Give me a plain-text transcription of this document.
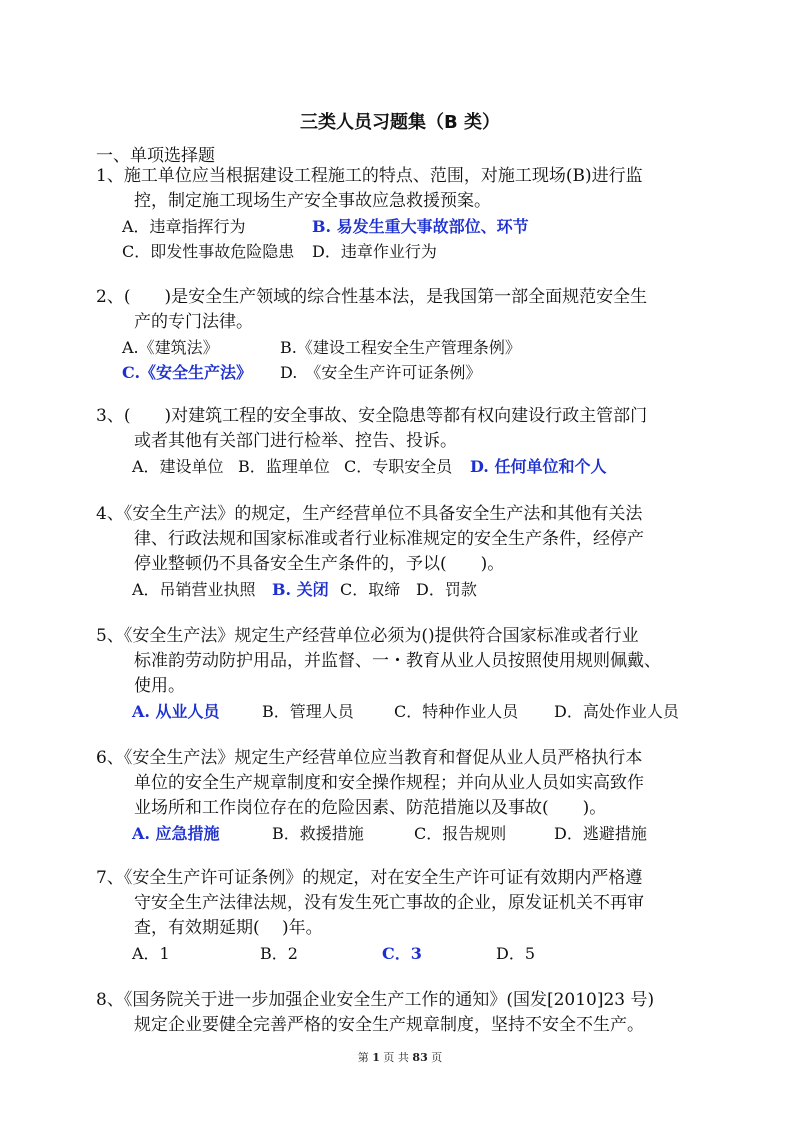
三类人员习题集（B 类）
一、单项选择题
1、施工单位应当根据建设工程施工的特点、范围，对施工现场(B)进行监
控，制定施工现场生产安全事故应急救援预案。
A．违章指挥行为	B. 易发生重大事故部位、环节
C．即发性事故危险隐患 D．违章作业行为
2、(　　)是安全生产领域的综合性基本法，是我国第一部全面规范安全生
产的专门法律。
A.《建筑法》	B.《建设工程安全生产管理条例》
C.《安全生产法》 D.　《安全生产许可证条例》
3、(　　)对建筑工程的安全事故、安全隐患等都有权向建设行政主管部门
或者其他有关部门进行检举、控告、投诉。
A．建设单位 B．监理单位 C．专职安全员 D. 任何单位和个人
4、《安全生产法》的规定，生产经营单位不具备安全生产法和其他有关法
律、行政法规和国家标准或者行业标准规定的安全生产条件，经停产
停业整顿仍不具备安全生产条件的，予以(　　)。
A．吊销营业执照 B. 关闭 C．取缔 D．罚款
5、《安全生产法》规定生产经营单位必须为()提供符合国家标准或者行业
标准韵劳动防护用品，并监督、一・教育从业人员按照使用规则佩戴、
使用。
A. 从业人员	B．管理人员	C．特种作业人员 D．高处作业人员
6、《安全生产法》规定生产经营单位应当教育和督促从业人员严格执行本
单位的安全生产规章制度和安全操作规程；并向从业人员如实高致作
业场所和工作岗位存在的危险因素、防范措施以及事故(　　)。
A. 应急措施	B．救援措施	C．报告规则	D．逃避措施
7、《安全生产许可证条例》的规定，对在安全生产许可证有效期内严格遵
守安全生产法律法规，没有发生死亡事故的企业，原发证机关不再审
查，有效期延期(　 )年。
A．1	B．2	C．3	D．5
8、《国务院关于进一步加强企业安全生产工作的通知》(国发[2010]23 号)
规定企业要健全完善严格的安全生产规章制度，坚持不安全不生产。
第 1 页 共 83 页
